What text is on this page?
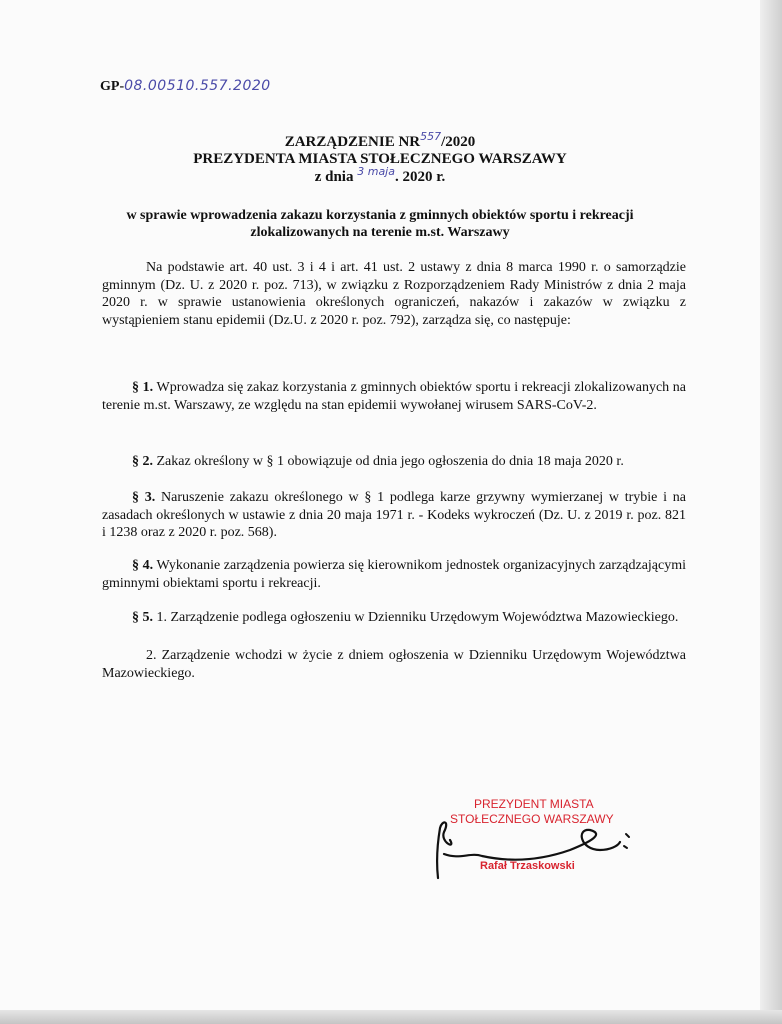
GP-08.00510.557.2020
ZARZĄDZENIE NR$^{557}$/2020
PREZYDENTA MIASTA STOŁECZNEGO WARSZAWY
z dnia $^{3 maja}$. 2020 r.
w sprawie wprowadzenia zakazu korzystania z gminnych obiektów sportu i rekreacji
zlokalizowanych na terenie m.st. Warszawy
Na podstawie art. 40 ust. 3 i 4 i art. 41 ust. 2 ustawy z dnia 8 marca 1990 r. o samorządzie gminnym (Dz. U. z 2020 r. poz. 713), w związku z Rozporządzeniem Rady Ministrów z dnia 2 maja 2020 r. w sprawie ustanowienia określonych ograniczeń, nakazów i zakazów w związku z wystąpieniem stanu epidemii (Dz.U. z 2020 r. poz. 792), zarządza się, co następuje:
§ 1. Wprowadza się zakaz korzystania z gminnych obiektów sportu i rekreacji zlokalizowanych na terenie m.st. Warszawy, ze względu na stan epidemii wywołanej wirusem SARS-CoV-2.
§ 2. Zakaz określony w § 1 obowiązuje od dnia jego ogłoszenia do dnia 18 maja 2020 r.
§ 3. Naruszenie zakazu określonego w § 1 podlega karze grzywny wymierzanej w trybie i na zasadach określonych w ustawie z dnia 20 maja 1971 r. - Kodeks wykroczeń (Dz. U. z 2019 r. poz. 821 i 1238 oraz z 2020 r. poz. 568).
§ 4. Wykonanie zarządzenia powierza się kierownikom jednostek organizacyjnych zarządzającymi gminnymi obiektami sportu i rekreacji.
§ 5. 1. Zarządzenie podlega ogłoszeniu w Dzienniku Urzędowym Województwa Mazowieckiego.
2. Zarządzenie wchodzi w życie z dniem ogłoszenia w Dzienniku Urzędowym Województwa Mazowieckiego.
PREZYDENT MIASTA
STOŁECZNEGO WARSZAWY
Rafał Trzaskowski
